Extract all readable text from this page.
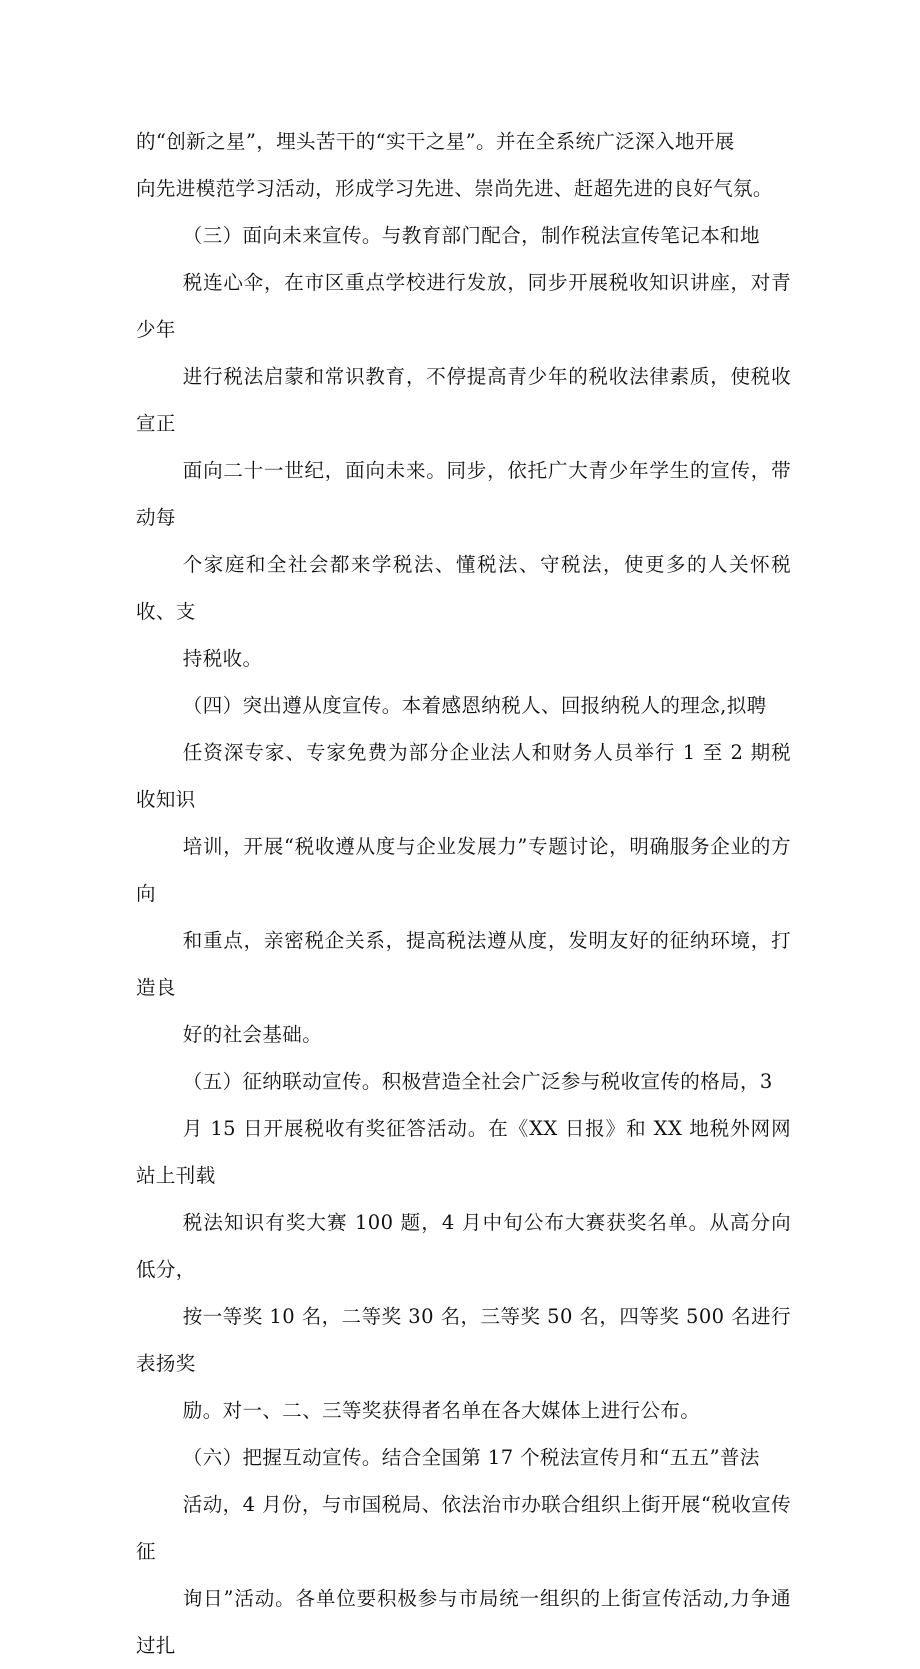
的“创新之星”，埋头苦干的“实干之星”。并在全系统广泛深入地开展
向先进模范学习活动，形成学习先进、崇尚先进、赶超先进的良好气氛。

（三）面向未来宣传。与教育部门配合，制作税法宣传笔记本和地
税连心伞，在市区重点学校进行发放，同步开展税收知识讲座，对青少年
进行税法启蒙和常识教育，不停提高青少年的税收法律素质，使税收宣正
面向二十一世纪，面向未来。同步，依托广大青少年学生的宣传，带动每
个家庭和全社会都来学税法、懂税法、守税法，使更多的人关怀税收、支
持税收。

（四）突出遵从度宣传。本着感恩纳税人、回报纳税人的理念,拟聘
任资深专家、专家免费为部分企业法人和财务人员举行 1 至 2 期税收知识
培训，开展“税收遵从度与企业发展力”专题讨论，明确服务企业的方向
和重点，亲密税企关系，提高税法遵从度，发明友好的征纳环境，打造良
好的社会基础。

（五）征纳联动宣传。积极营造全社会广泛参与税收宣传的格局，3
月 15 日开展税收有奖征答活动。在《XX 日报》和 XX 地税外网网站上刊载
税法知识有奖大赛 100 题，4 月中旬公布大赛获奖名单。从高分向低分，
按一等奖 10 名，二等奖 30 名，三等奖 50 名，四等奖 500 名进行表扬奖
励。对一、二、三等奖获得者名单在各大媒体上进行公布。

（六）把握互动宣传。结合全国第 17 个税法宣传月和“五五”普法
活动，4 月份，与市国税局、依法治市办联合组织上街开展“税收宣传征
询日”活动。各单位要积极参与市局统一组织的上街宣传活动,力争通过扎
